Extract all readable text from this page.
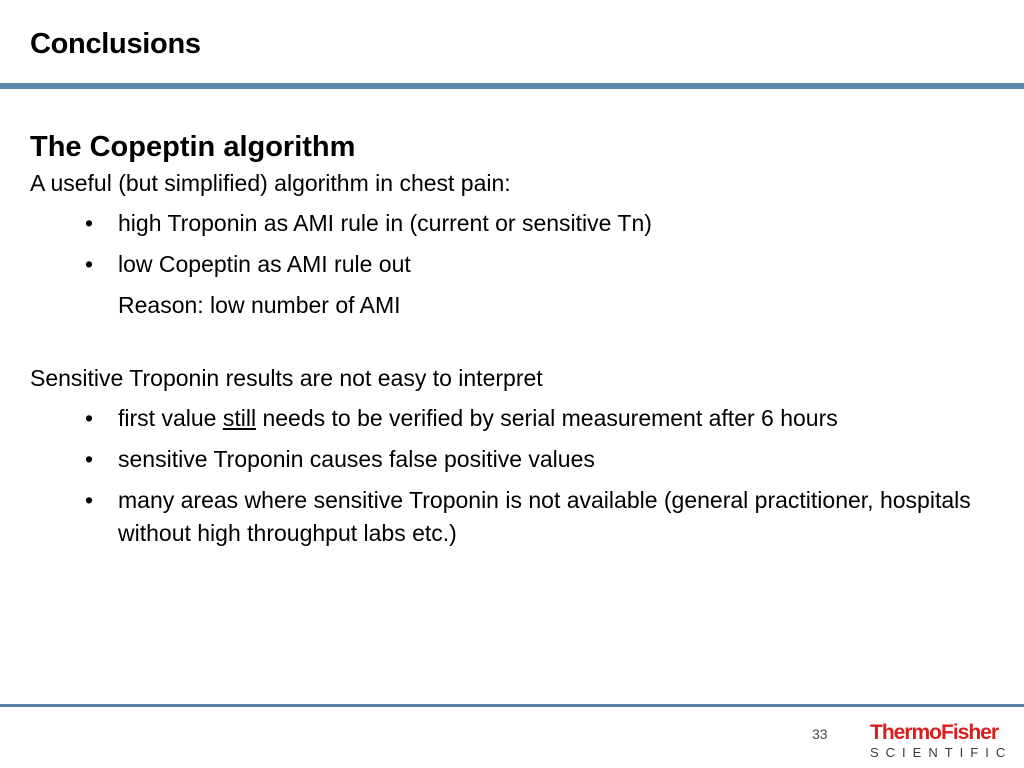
Conclusions
The Copeptin algorithm

A useful (but simplified) algorithm in chest pain:

• high Troponin as AMI rule in (current or sensitive Tn)
• low Copeptin as AMI rule out
Reason: low number of AMI

Sensitive Troponin results are not easy to interpret

• first value still needs to be verified by serial measurement after 6 hours
• sensitive Troponin causes false positive values
• many areas where sensitive Troponin is not available (general practitioner, hospitals without high throughput labs etc.)
33 ThermoFisher
SCIENTIFIC
